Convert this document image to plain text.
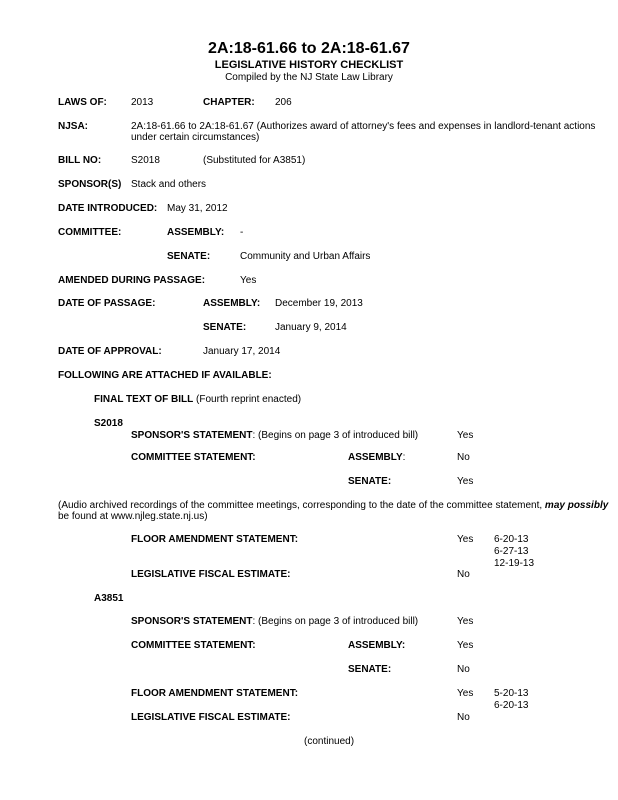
2A:18-61.66 to 2A:18-61.67
LEGISLATIVE HISTORY CHECKLIST
Compiled by the NJ State Law Library
LAWS OF: 2013	CHAPTER: 206
NJSA:	2A:18-61.66 to 2A:18-61.67 (Authorizes award of attorney's fees and expenses in landlord-tenant actions
under certain circumstances)
BILL NO:	S2018	(Substituted for A3851)
SPONSOR(S) Stack and others
DATE INTRODUCED: May 31, 2012
COMMITTEE:	ASSEMBLY: -
SENATE:	Community and Urban Affairs
AMENDED DURING PASSAGE:	Yes
DATE OF PASSAGE:	ASSEMBLY: December 19, 2013
SENATE:	January 9, 2014
DATE OF APPROVAL:	January 17, 2014
FOLLOWING ARE ATTACHED IF AVAILABLE:
FINAL TEXT OF BILL (Fourth reprint enacted)
S2018
SPONSOR'S STATEMENT: (Begins on page 3 of introduced bill)	Yes
COMMITTEE STATEMENT:	ASSEMBLY:	No
SENATE:	Yes
(Audio archived recordings of the committee meetings, corresponding to the date of the committee statement, may possibly
be found at www.njleg.state.nj.us)
FLOOR AMENDMENT STATEMENT:	Yes 6-20-13
6-27-13
12-19-13
LEGISLATIVE FISCAL ESTIMATE:	No
A3851
SPONSOR'S STATEMENT: (Begins on page 3 of introduced bill)	Yes
COMMITTEE STATEMENT:	ASSEMBLY:	Yes
SENATE:	No
FLOOR AMENDMENT STATEMENT:	Yes 5-20-13
6-20-13
LEGISLATIVE FISCAL ESTIMATE:	No
(continued)
